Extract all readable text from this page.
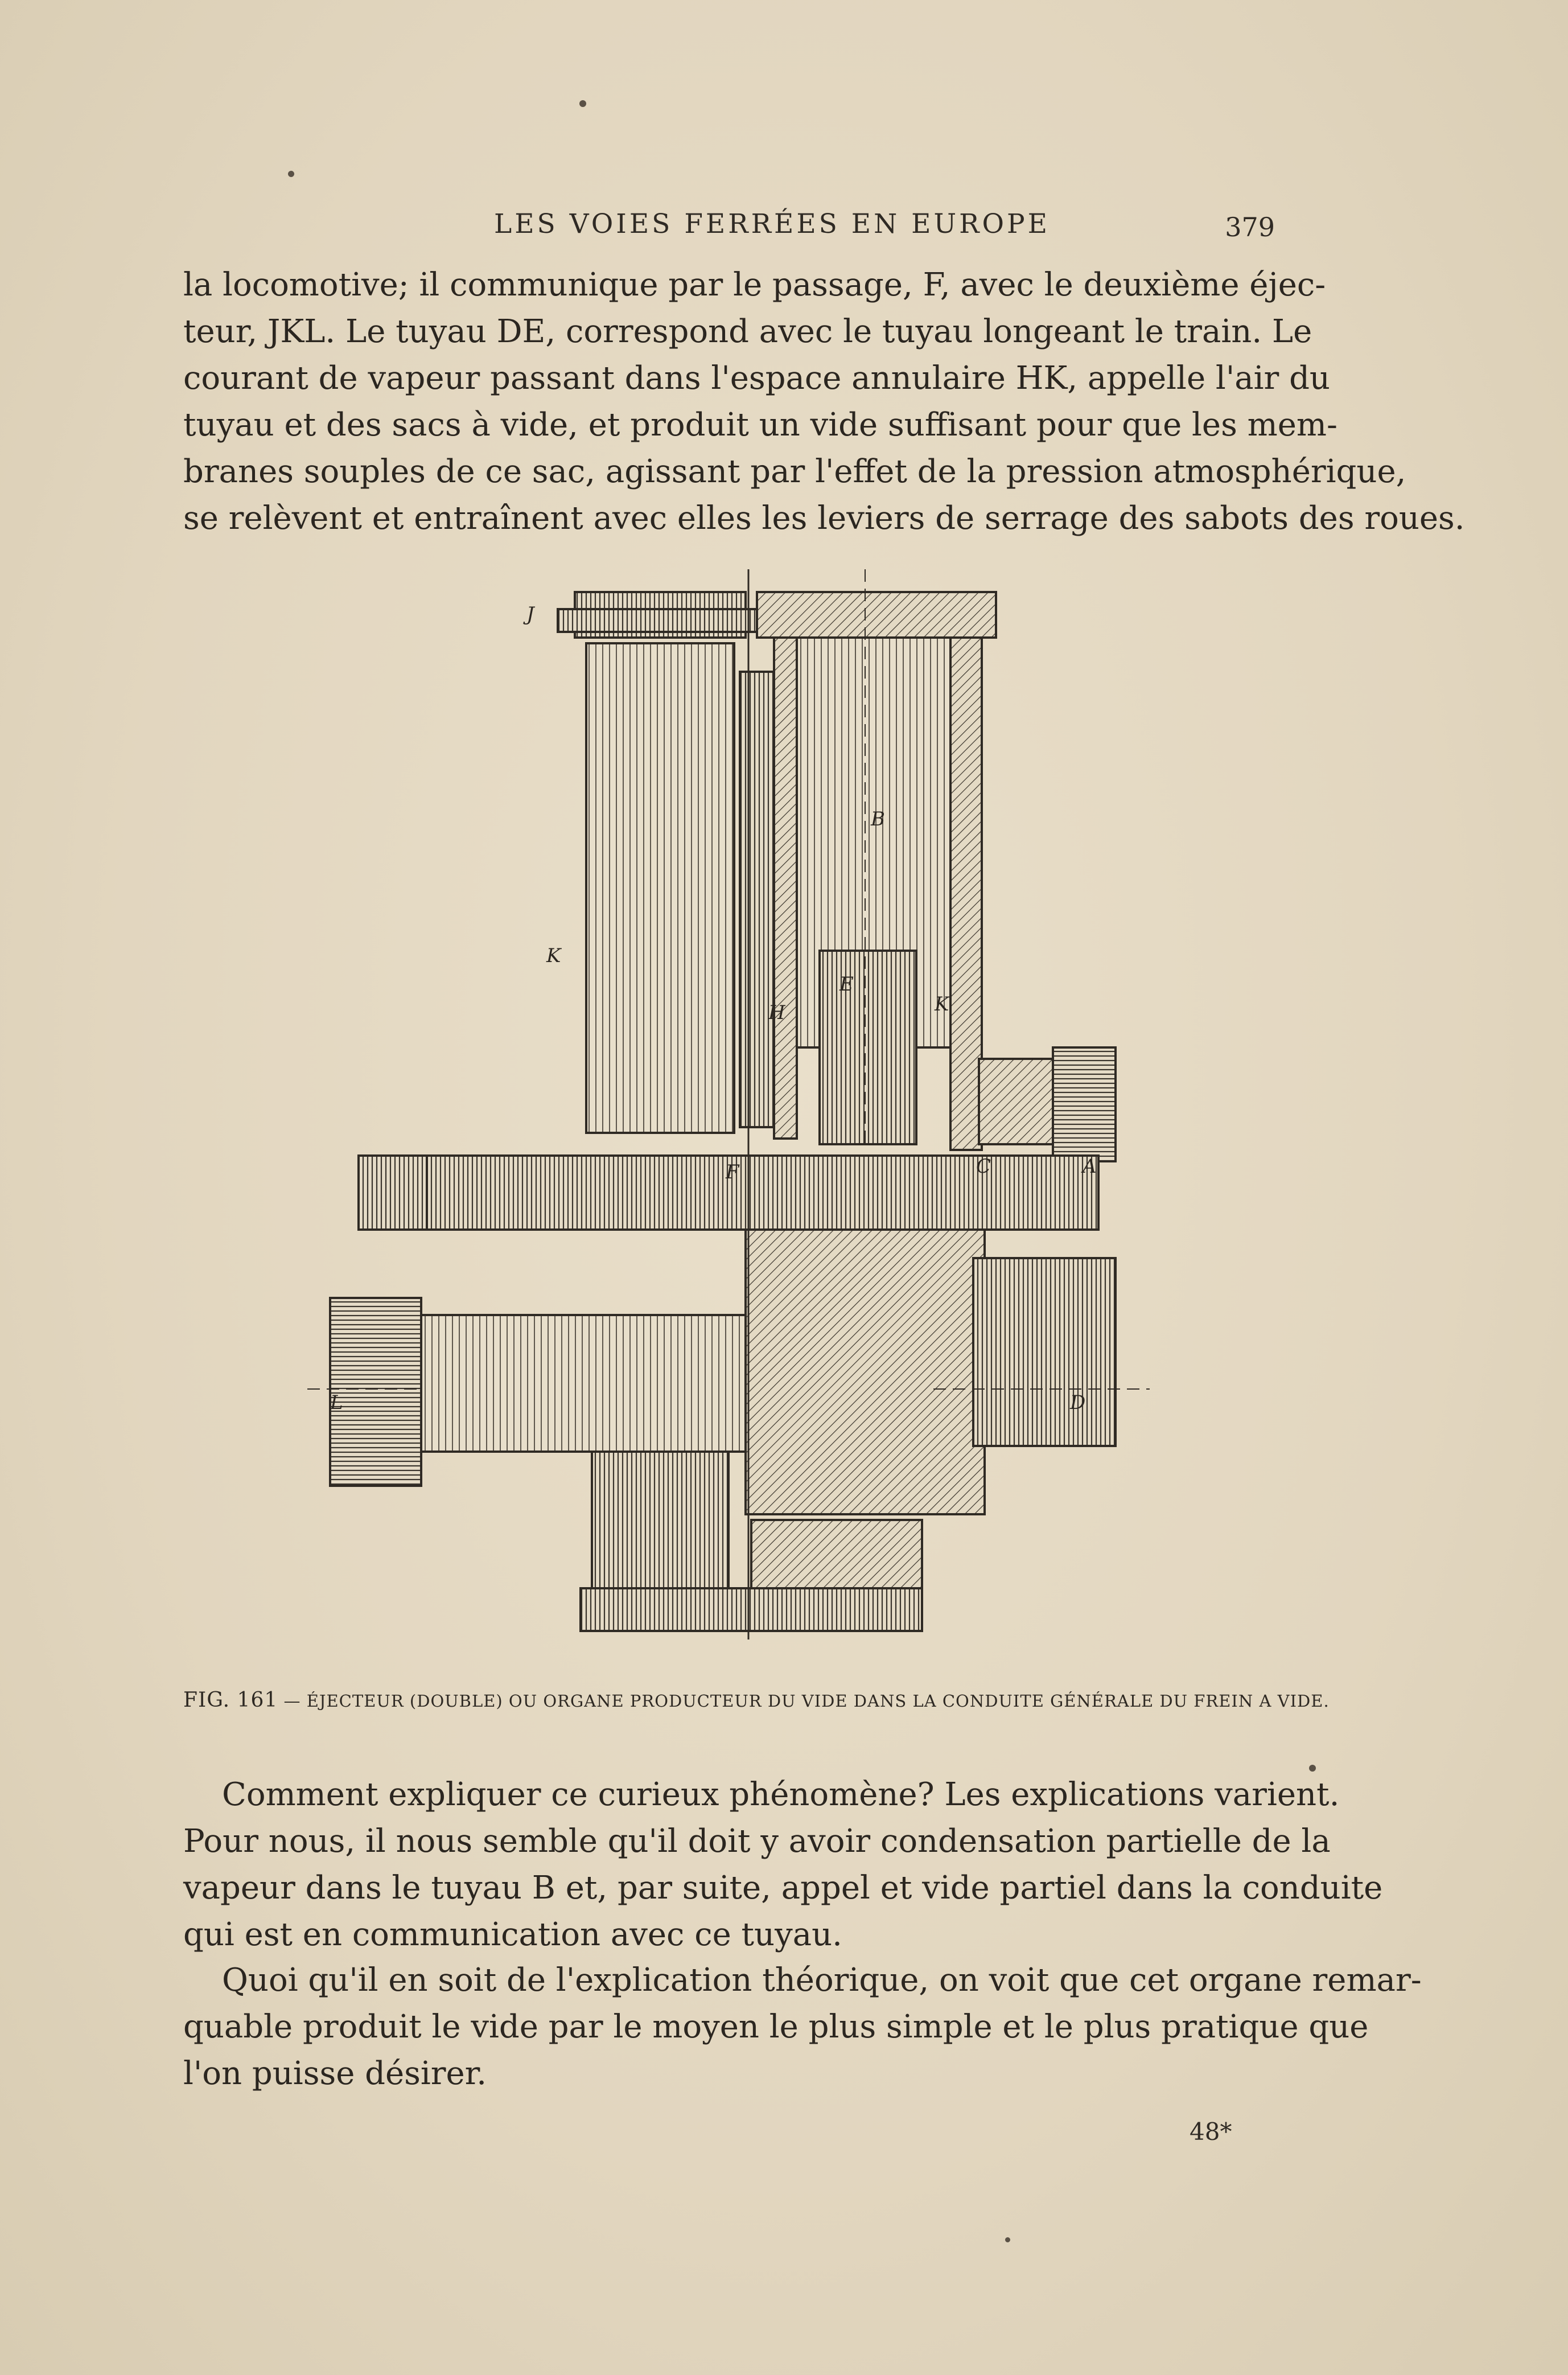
LES VOIES FERRÉES EN EUROPE	379

la locomotive; il communique par le passage, F, avec le deuxième éjec-
teur, JKL. Le tuyau DE, correspond avec le tuyau longeant le train. Le
courant de vapeur passant dans l'espace annulaire HK, appelle l'air du
tuyau et des sacs à vide, et produit un vide suffisant pour que les mem-
branes souples de ce sac, agissant par l'effet de la pression atmosphérique,
se relèvent et entraînent avec elles les leviers de serrage des sabots des roues.

J
B
K
E
H	K
F	C	A
L	D
FIG. 161 — ÉJECTEUR (DOUBLE) OU ORGANE PRODUCTEUR DU VIDE DANS LA CONDUITE GÉNÉRALE DU FREIN A VIDE.

Comment expliquer ce curieux phénomène? Les explications varient.
Pour nous, il nous semble qu'il doit y avoir condensation partielle de la
vapeur dans le tuyau B et, par suite, appel et vide partiel dans la conduite
qui est en communication avec ce tuyau.

Quoi qu'il en soit de l'explication théorique, on voit que cet organe remar-
quable produit le vide par le moyen le plus simple et le plus pratique que
l'on puisse désirer.

48*
